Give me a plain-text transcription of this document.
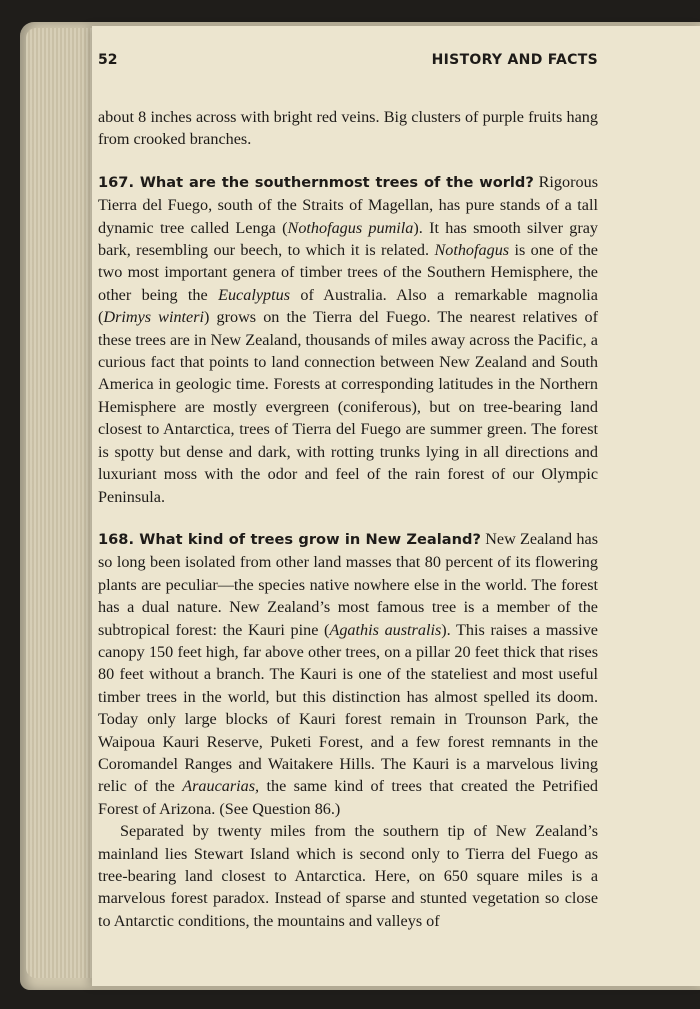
52	HISTORY AND FACTS

about 8 inches across with bright red veins. Big clusters of purple fruits hang from crooked branches.

167. What are the southernmost trees of the world? Rigorous Tierra del Fuego, south of the Straits of Magellan, has pure stands of a tall dynamic tree called Lenga (Nothofagus pumila). It has smooth silver gray bark, resembling our beech, to which it is related. Nothofagus is one of the two most important genera of timber trees of the Southern Hemisphere, the other being the Eucalyptus of Australia. Also a remarkable magnolia (Drimys winteri) grows on the Tierra del Fuego. The nearest relatives of these trees are in New Zealand, thousands of miles away across the Pacific, a curious fact that points to land connection between New Zealand and South America in geologic time. Forests at corresponding latitudes in the Northern Hemisphere are mostly evergreen (coniferous), but on tree-bearing land closest to Antarctica, trees of Tierra del Fuego are summer green. The forest is spotty but dense and dark, with rotting trunks lying in all directions and luxuriant moss with the odor and feel of the rain forest of our Olympic Peninsula.

168. What kind of trees grow in New Zealand? New Zealand has so long been isolated from other land masses that 80 percent of its flowering plants are peculiar—the species native nowhere else in the world. The forest has a dual nature. New Zealand’s most famous tree is a member of the subtropical forest: the Kauri pine (Agathis australis). This raises a massive canopy 150 feet high, far above other trees, on a pillar 20 feet thick that rises 80 feet without a branch. The Kauri is one of the stateliest and most useful timber trees in the world, but this distinction has almost spelled its doom. Today only large blocks of Kauri forest remain in Trounson Park, the Waipoua Kauri Reserve, Puketi Forest, and a few forest remnants in the Coromandel Ranges and Waitakere Hills. The Kauri is a marvelous living relic of the Araucarias, the same kind of trees that created the Petrified Forest of Arizona. (See Question 86.)

Separated by twenty miles from the southern tip of New Zealand’s mainland lies Stewart Island which is second only to Tierra del Fuego as tree-bearing land closest to Antarctica. Here, on 650 square miles is a marvelous forest paradox. Instead of sparse and stunted vegetation so close to Antarctic conditions, the mountains and valleys of
